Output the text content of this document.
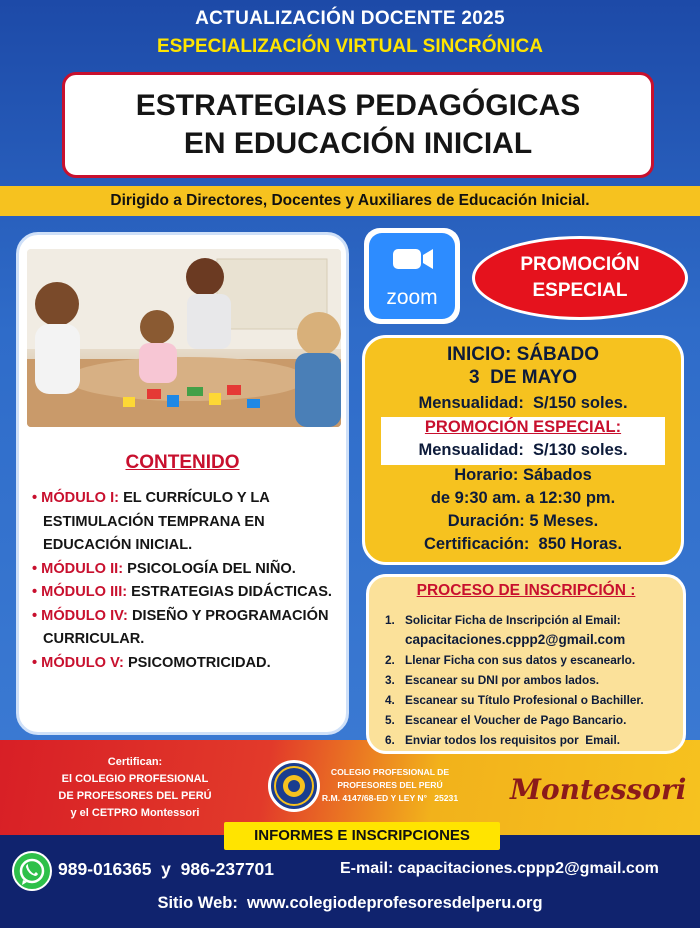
ACTUALIZACIÓN DOCENTE 2025
ESPECIALIZACIÓN VIRTUAL SINCRÓNICA
ESTRATEGIAS PEDAGÓGICAS
EN EDUCACIÓN INICIAL
Dirigido a Directores, Docentes y Auxiliares de Educación Inicial.
CONTENIDO
• MÓDULO I: EL CURRÍCULO Y LA ESTIMULACIÓN TEMPRANA EN EDUCACIÓN INICIAL.
• MÓDULO II: PSICOLOGÍA DEL NIÑO.
• MÓDULO III: ESTRATEGIAS DIDÁCTICAS.
• MÓDULO IV: DISEÑO Y PROGRAMACIÓN CURRICULAR.
• MÓDULO V: PSICOMOTRICIDAD.
zoom
PROMOCIÓN
ESPECIAL
INICIO: SÁBADO
3  DE MAYO
Mensualidad:  S/150 soles.
PROMOCIÓN ESPECIAL:
Mensualidad:  S/130 soles.
Horario: Sábados
de 9:30 am. a 12:30 pm.
Duración: 5 Meses.
Certificación:  850 Horas.
PROCESO DE INSCRIPCIÓN :
1. Solicitar Ficha de Inscripción al Email:
capacitaciones.cppp2@gmail.com
2. Llenar Ficha con sus datos y escanearlo.
3. Escanear su DNI por ambos lados.
4. Escanear su Título Profesional o Bachiller.
5. Escanear el Voucher de Pago Bancario.
6. Enviar todos los requisitos por  Email.
Certifican:
El COLEGIO PROFESIONAL
DE PROFESORES DEL PERÚ
y el CETPRO Montessori
COLEGIO PROFESIONAL DE
PROFESORES DEL PERÚ
R.M. 4147/68-ED Y LEY N°   25231 Montessori
INFORMES E INSCRIPCIONES
989-016365  y  986-237701	E-mail: capacitaciones.cppp2@gmail.com
Sitio Web:  www.colegiodeprofesoresdelperu.org
